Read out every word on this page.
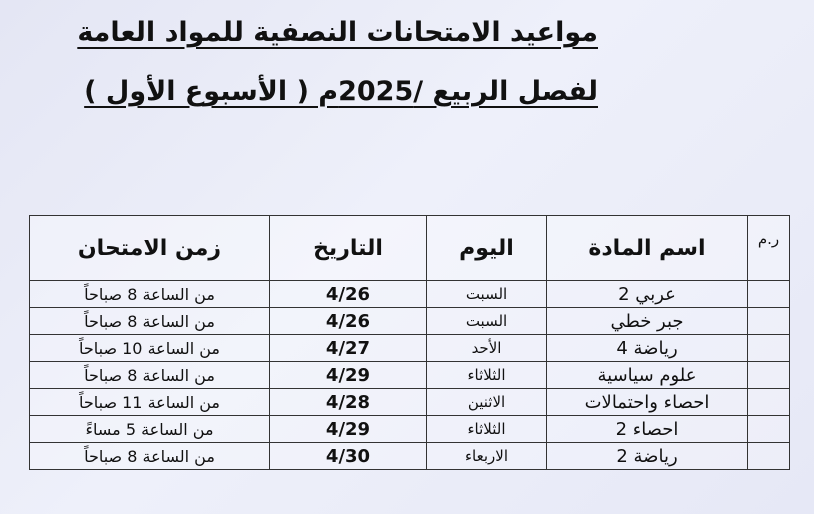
مواعيد الامتحانات النصفية للمواد العامة
لفصل الربيع /2025م ( الأسبوع الأول )
ر.م	اسم المادة	اليوم	التاريخ	زمن الامتحان
	عربي 2	السبت	4/26	من الساعة 8 صباحاً
	جبر خطي	السبت	4/26	من الساعة 8 صباحاً
	رياضة 4	الأحد	4/27	من الساعة 10 صباحاً
	علوم سياسية	الثلاثاء	4/29	من الساعة 8 صباحاً
	احصاء واحتمالات	الاثنين	4/28	من الساعة 11 صباحاً
	احصاء 2	الثلاثاء	4/29	من الساعة 5 مساءً
	رياضة 2	الاربعاء	4/30	من الساعة 8 صباحاً
